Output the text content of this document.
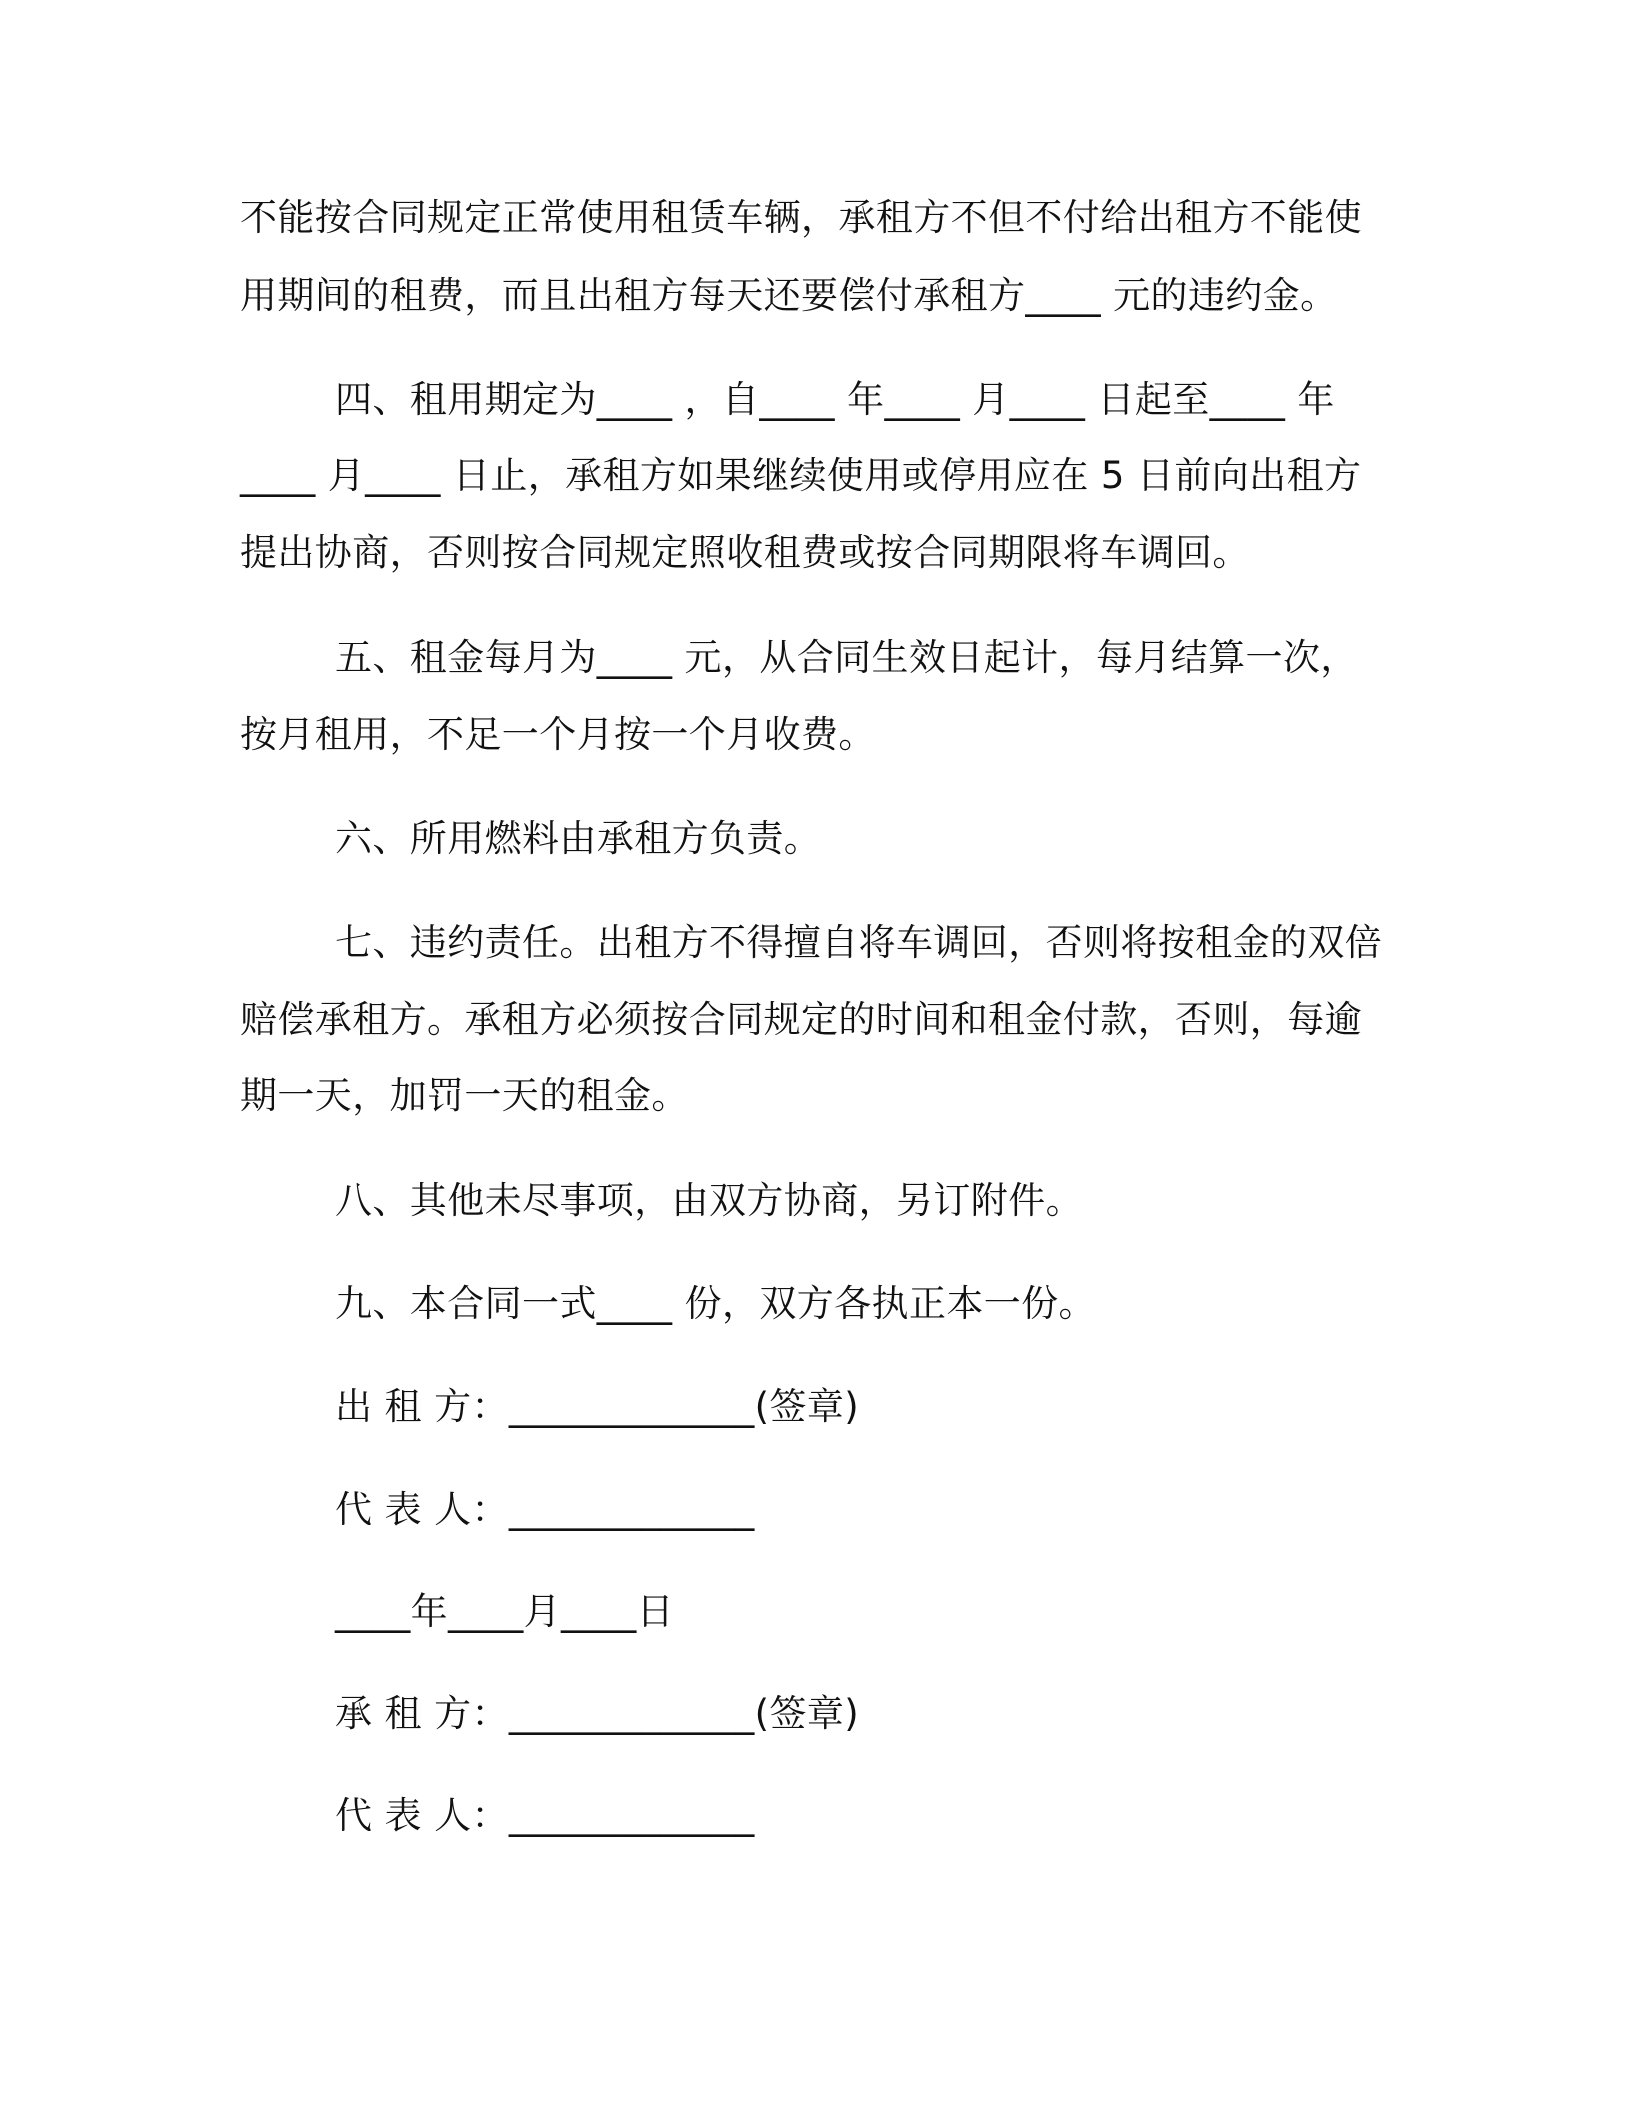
不能按合同规定正常使用租赁车辆，承租方不但不付给出租方不能使
用期间的租费，而且出租方每天还要偿付承租方____ 元的违约金。
四、租用期定为____ ，自____ 年____ 月____ 日起至____ 年
____ 月____ 日止，承租方如果继续使用或停用应在 5 日前向出租方
提出协商，否则按合同规定照收租费或按合同期限将车调回。
五、租金每月为____ 元，从合同生效日起计，每月结算一次，
按月租用，不足一个月按一个月收费。
六、所用燃料由承租方负责。
七、违约责任。出租方不得擅自将车调回，否则将按租金的双倍
赔偿承租方。承租方必须按合同规定的时间和租金付款，否则，每逾
期一天，加罚一天的租金。
八、其他未尽事项，由双方协商，另订附件。
九、本合同一式____ 份，双方各执正本一份。
出 租 方：_____________(签章)
代 表 人：_____________
____年____月____日
承 租 方：_____________(签章)
代 表 人：_____________
